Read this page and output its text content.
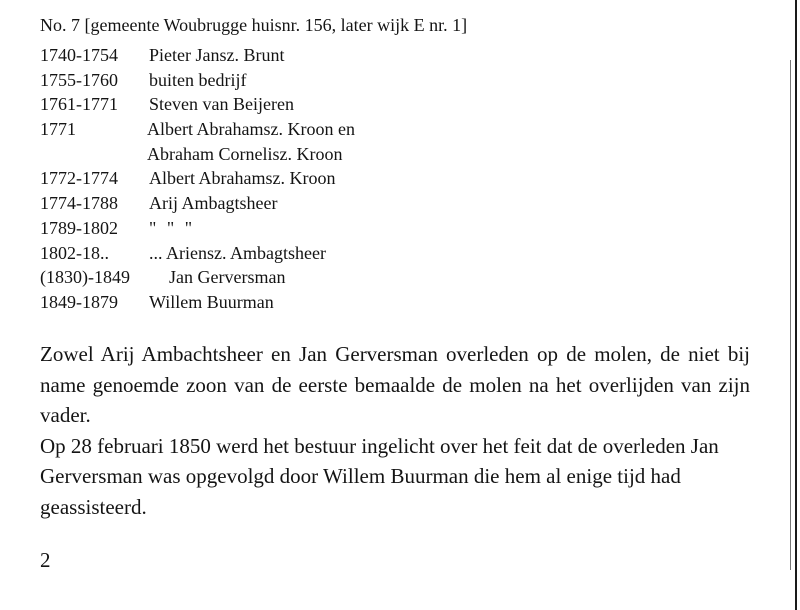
No. 7 [gemeente Woubrugge huisnr. 156, later wijk E nr. 1]
1740-1754 Pieter Jansz. Brunt
1755-1760 buiten bedrijf
1761-1771 Steven van Beijeren
1771	Albert Abrahamsz. Kroon en
Abraham Cornelisz. Kroon
1772-1774 Albert Abrahamsz. Kroon
1774-1788 Arij Ambagtsheer
1789-1802 " " "
1802-18.. ... Ariensz. Ambagtsheer
(1830)-1849 Jan Gerversman
1849-1879 Willem Buurman

Zowel Arij Ambachtsheer en Jan Gerversman overleden op de molen, de niet bij name genoemde zoon van de eerste bemaalde de molen na het overlijden van zijn vader.

Op 28 februari 1850 werd het bestuur ingelicht over het feit dat de overleden Jan Gerversman was opgevolgd door Willem Buurman die hem al enige tijd had geassisteerd.

2
